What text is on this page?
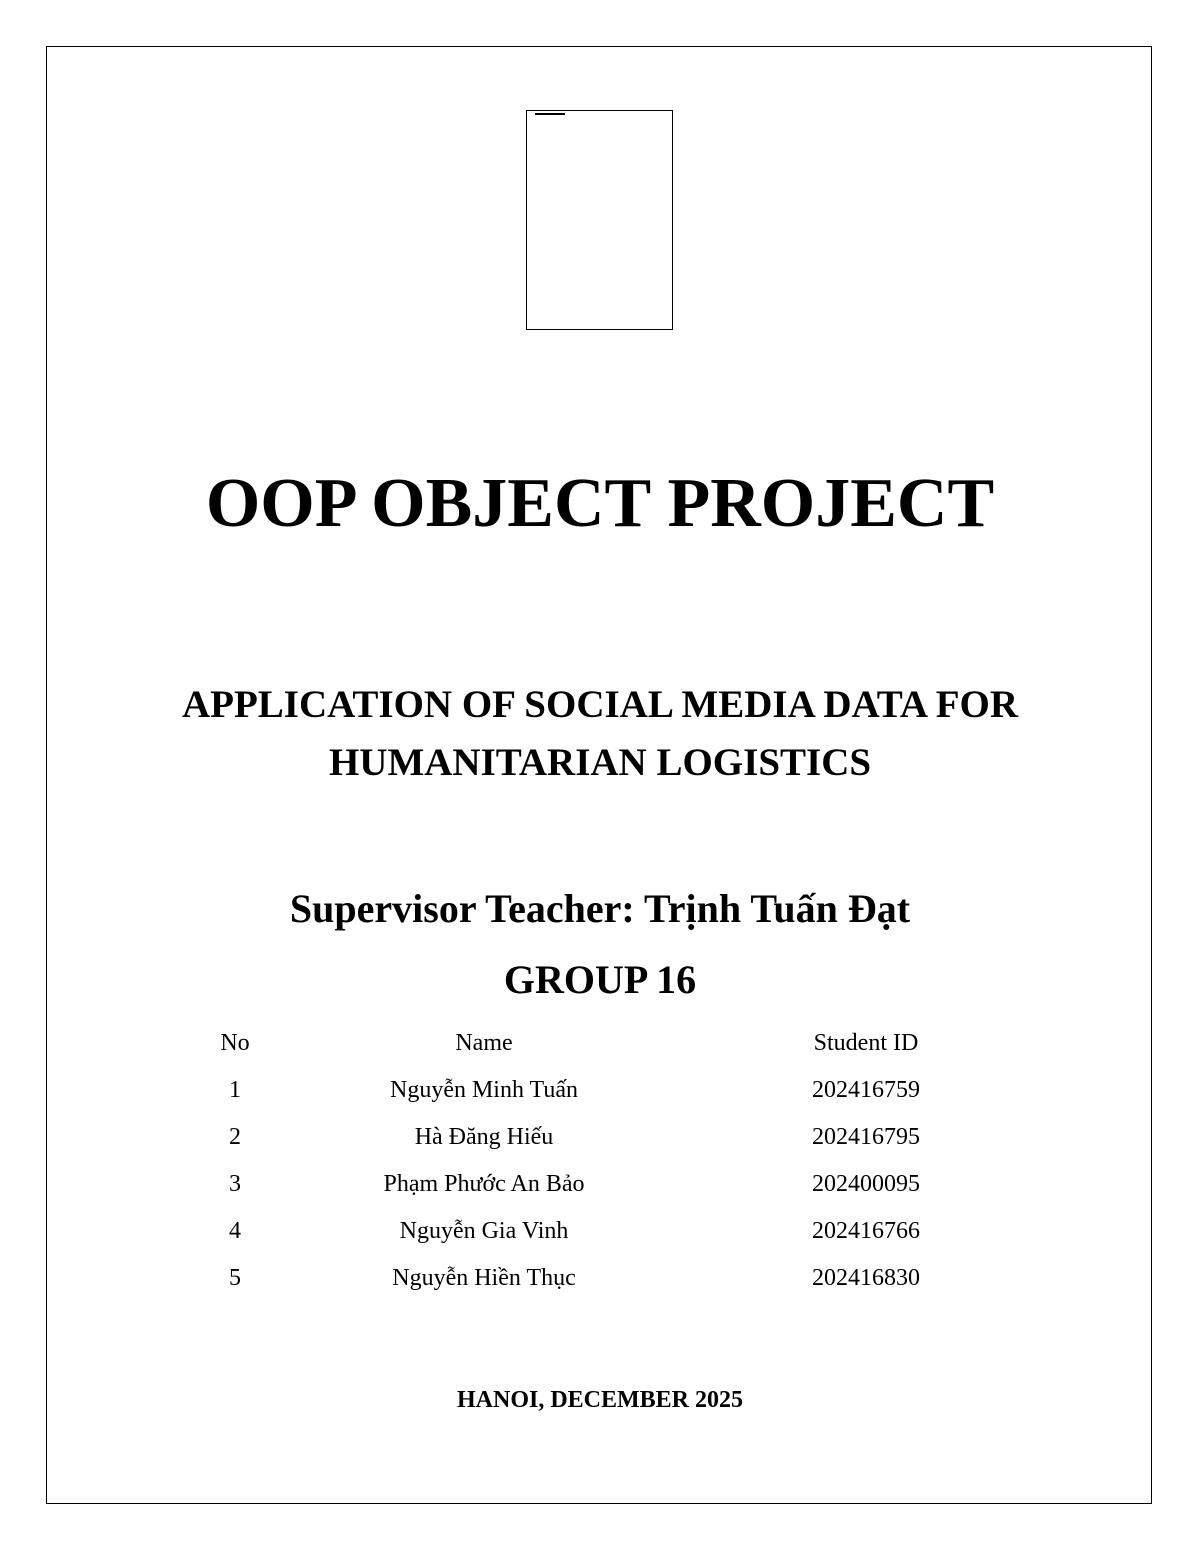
OOP OBJECT PROJECT
APPLICATION OF SOCIAL MEDIA DATA FOR
HUMANITARIAN LOGISTICS
Supervisor Teacher: Trịnh Tuấn Đạt
GROUP 16
No	Name	Student ID
1	Nguyễn Minh Tuấn	202416759
2	Hà Đăng Hiếu	202416795
3	Phạm Phước An Bảo	202400095
4	Nguyễn Gia Vinh	202416766
5	Nguyễn Hiền Thục	202416830
HANOI, DECEMBER 2025
